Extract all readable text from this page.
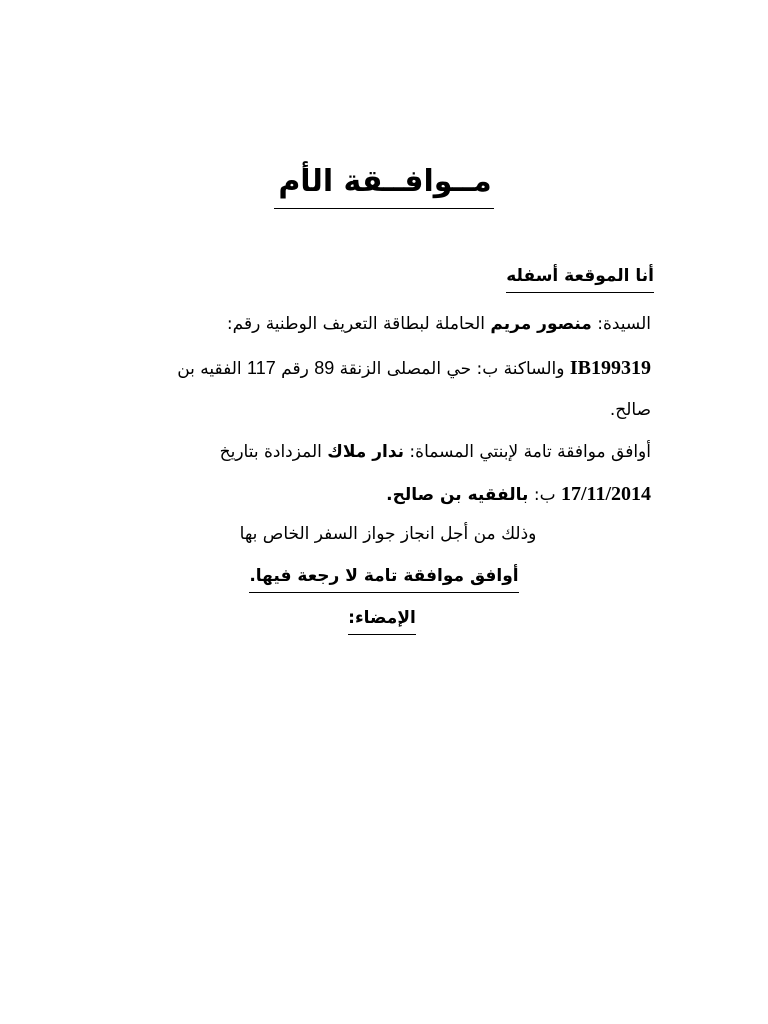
مــوافــقة الأم
أنا الموقعة أسفله
السيدة: منصور مريم الحاملة لبطاقة التعريف الوطنية رقم:
IB199319 والساكنة ب: حي المصلى الزنقة 89 رقم 117 الفقيه بن
صالح.
أوافق موافقة تامة لإبنتي المسماة: ندار ملاك المزدادة بتاريخ
17/11/2014 ب: بالفقيه بن صالح.
وذلك من أجل انجاز جواز السفر الخاص بها
أوافق موافقة تامة لا رجعة فيها.
الإمضاء:
